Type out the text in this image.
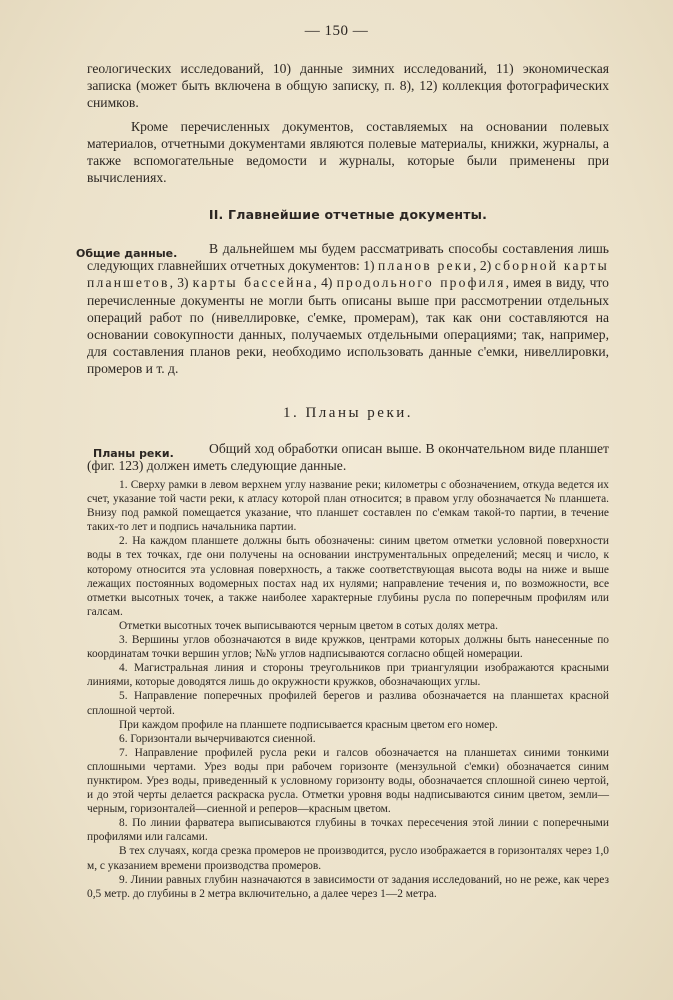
— 150 —

геологических исследований, 10) данные зимних исследований, 11) экономическая записка (может быть включена в общую записку, п. 8), 12) коллекция фотографических снимков.

Кроме перечисленных документов, составляемых на основании полевых материалов, отчетными документами являются полевые материалы, книжки, журналы, а также вспомогательные ведомости и журналы, которые были применены при вычислениях.

II. Главнейшие отчетные документы.
Общие данные.	В дальнейшем мы будем рассматривать способы составления лишь следующих главнейших отчетных документов: 1) планов реки, 2) сборной карты планшетов, 3) карты бассейна, 4) продольного профиля, имея в виду, что перечисленные документы не могли быть описаны выше при рассмотрении отдельных операций работ по (нивеллировке, с'емке, промерам), так как они составляются на основании совокупности данных, получаемых отдельными операциями; так, например, для составления планов реки, необходимо использовать данные с'емки, нивеллировки, промеров и т. д.

1. Планы реки.
Планы реки.	Общий ход обработки описан выше. В окончательном виде планшет (фиг. 123) должен иметь следующие данные.

1. Сверху рамки в левом верхнем углу название реки; километры с обозначением, откуда ведется их счет, указание той части реки, к атласу которой план относится; в правом углу обозначается № планшета. Внизу под рамкой помещается указание, что планшет составлен по с'емкам такой-то партии, в течение таких-то лет и подпись начальника партии.
2. На каждом планшете должны быть обозначены: синим цветом отметки условной поверхности воды в тех точках, где они получены на основании инструментальных определений; месяц и число, к которому относится эта условная поверхность, а также соответствующая высота воды на ниже и выше лежащих постоянных водомерных постах над их нулями; направление течения и, по возможности, все отметки высотных точек, а также наиболее характерные глубины русла по поперечным профилям или галсам.
Отметки высотных точек выписываются черным цветом в сотых долях метра.
3. Вершины углов обозначаются в виде кружков, центрами которых должны быть нанесенные по координатам точки вершин углов; №№ углов надписываются согласно общей номерации.
4. Магистральная линия и стороны треугольников при триангуляции изображаются красными линиями, которые доводятся лишь до окружности кружков, обозначающих углы.
5. Направление поперечных профилей берегов и разлива обозначается на планшетах красной сплошной чертой.
При каждом профиле на планшете подписывается красным цветом его номер.
6. Горизонтали вычерчиваются сиенной.
7. Направление профилей русла реки и галсов обозначается на планшетах синими тонкими сплошными чертами. Урез воды при рабочем горизонте (мензульной с'емки) обозначается синим пунктиром. Урез воды, приведенный к условному горизонту воды, обозначается сплошной синею чертой, и до этой черты делается раскраска русла. Отметки уровня воды надписываются синим цветом, земли—черным, горизонталей—сиенной и реперов—красным цветом.
8. По линии фарватера выписываются глубины в точках пересечения этой линии с поперечными профилями или галсами.
В тех случаях, когда срезка промеров не производится, русло изображается в горизонталях через 1,0 м, с указанием времени производства промеров.
9. Линии равных глубин назначаются в зависимости от задания исследований, но не реже, как через 0,5 метр. до глубины в 2 метра включительно, а далее через 1—2 метра.
